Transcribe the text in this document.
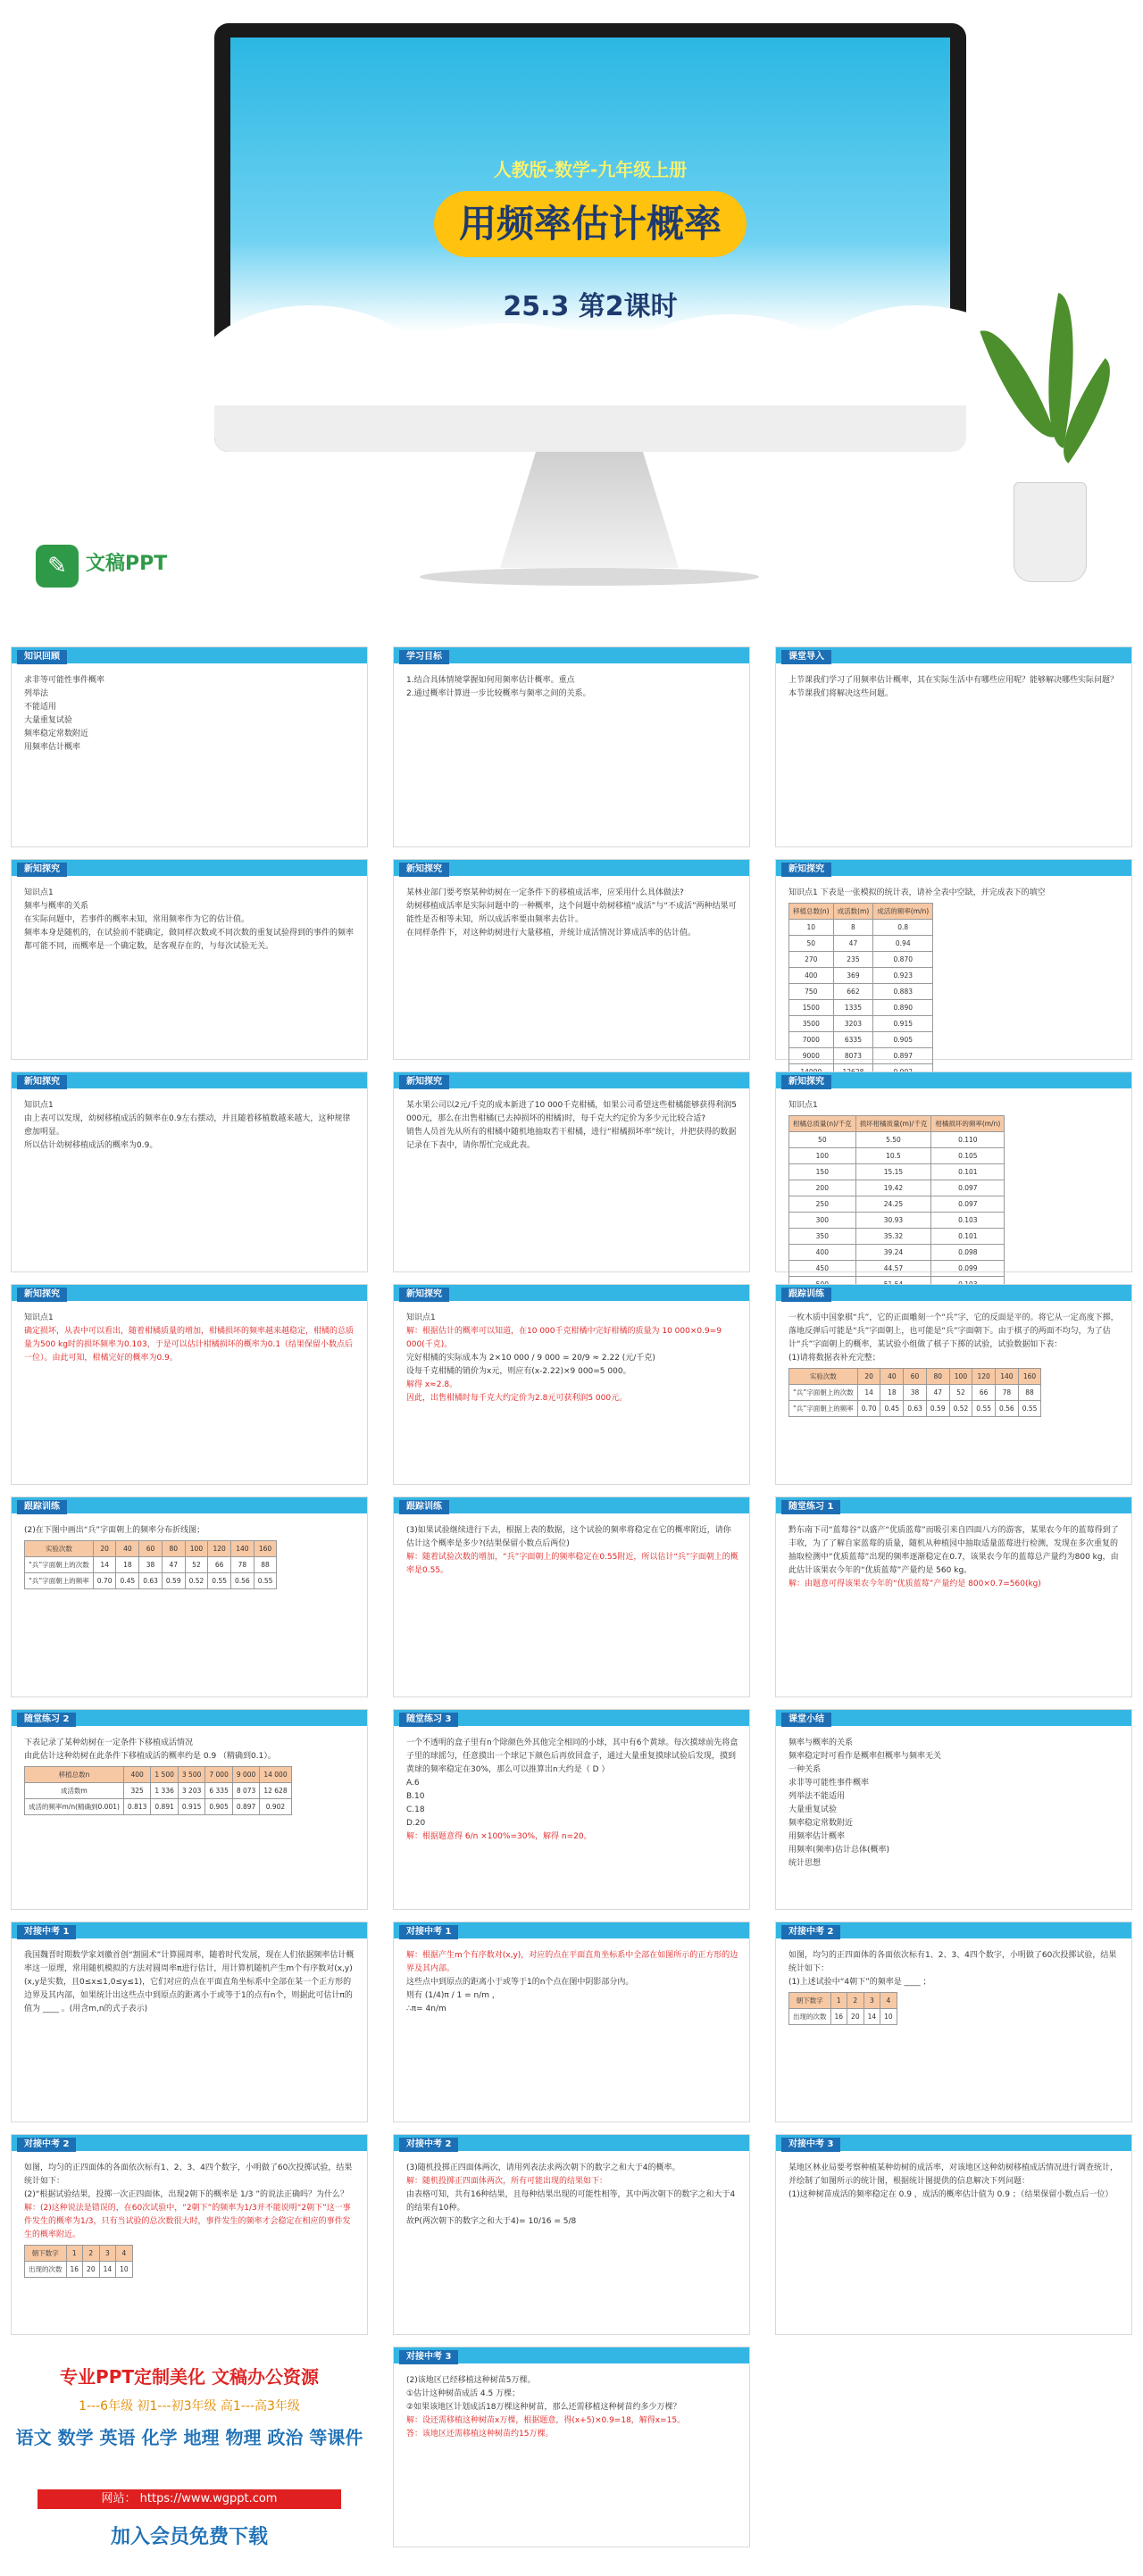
人教版-数学-九年级上册
用频率估计概率
25.3 第2课时
✎ 文稿PPT
知识回顾
求非等可能性事件概率
列举法
不能适用
大量重复试验
频率稳定常数附近
用频率估计概率
学习目标
1.结合具体情境掌握如何用频率估计概率。重点
2.通过概率计算进一步比较概率与频率之间的关系。
课堂导入
上节课我们学习了用频率估计概率，其在实际生活中有哪些应用呢？能够解决哪些实际问题？本节课我们将解决这些问题。
新知探究
知识点1
频率与概率的关系
在实际问题中，若事件的概率未知，常用频率作为它的估计值。
频率本身是随机的，在试验前不能确定，做同样次数或不同次数的重复试验得到的事件的频率都可能不同，而概率是一个确定数，是客观存在的，与每次试验无关。
新知探究
某林业部门要考察某种幼树在一定条件下的移植成活率，应采用什么具体做法?
幼树移植成活率是实际问题中的一种概率，这个问题中幼树移植“成活”与“不成活”两种结果可能性是否相等未知，所以成活率要由频率去估计。
在同样条件下，对这种幼树进行大量移植，并统计成活情况计算成活率的估计值。
新知探究
知识点1 下表是一张模拟的统计表，请补全表中空缺，并完成表下的填空
移植总数(n)	成活数(m)	成活的频率(m/n)
10	8	0.8
50	47	0.94
270	235	0.870
400	369	0.923
750	662	0.883
1500	1335	0.890
3500	3203	0.915
7000	6335	0.905
9000	8073	0.897

新知探究
知识点1
由上表可以发现，幼树移植成活的频率在0.9左右摆动，并且随着移植数越来越大，这种规律愈加明显。
所以估计幼树移植成活的概率为0.9。
新知探究
某水果公司以2元/千克的成本新进了10 000千克柑橘，如果公司希望这些柑橘能够获得利润5 000元，那么在出售柑橘(已去掉损坏的柑橘)时，每千克大约定价为多少元比较合适?
销售人员首先从所有的柑橘中随机地抽取若干柑橘，进行“柑橘损坏率”统计，并把获得的数据记录在下表中，请你帮忙完成此表。
新知探究
知识点1
柑橘总质量(n)/千克	损坏柑橘质量(m)/千克	柑橘损坏的频率(m/n)
50	5.50	0.110
100	10.5	0.105
150	15.15	0.101
200	19.42	0.097
250	24.25	0.097
300	30.93	0.103
350	35.32	0.101
400	39.24	0.098
450	44.57	0.099

新知探究
知识点1
确定损坏，从表中可以看出，随着柑橘质量的增加，柑橘损坏的频率越来越稳定，柑橘的总质量为500 kg时的损坏频率为0.103，于是可以估计柑橘损坏的概率为0.1（结果保留小数点后一位）。由此可知，柑橘完好的概率为0.9。
新知探究
知识点1
解：根据估计的概率可以知道，在10 000千克柑橘中完好柑橘的质量为 10 000×0.9=9 000(千克)。
完好柑橘的实际成本为 2×10 000 / 9 000 = 20/9 ≈ 2.22 (元/千克)
设每千克柑橘的销价为x元，则应有(x-2.22)×9 000=5 000。
解得 x≈2.8。
因此，出售柑橘时每千克大约定价为2.8元可获利润5 000元。
跟踪训练
一枚木质中国象棋“兵”，它的正面雕刻一个“兵”字，它的反面是平的。将它从一定高度下掷，落地反弹后可能是“兵”字面朝上，也可能是“兵”字面朝下。由于棋子的两面不均匀，为了估计“兵”字面朝上的概率，某试验小组做了棋子下掷的试验，试验数据如下表：
(1)请将数据表补充完整；
实验次数	20	40	60	80	100	120	140	160
“兵”字面朝上的次数	14	18	38	47	52	66	78	88
“兵”字面朝上的频率	0.70	0.45	0.63	0.59	0.52	0.55	0.56	0.55
跟踪训练
(2)在下图中画出“兵”字面朝上的频率分布折线图；
实验次数	20	40	60	80	100	120	140	160
“兵”字面朝上的次数	14	18	38	47	52	66	78	88
“兵”字面朝上的频率	0.70	0.45	0.63	0.59	0.52	0.55	0.56	0.55
跟踪训练
(3)如果试验继续进行下去，根据上表的数据，这个试验的频率将稳定在它的概率附近，请你估计这个概率是多少?(结果保留小数点后两位)
解：随着试验次数的增加，“兵”字面朝上的频率稳定在0.55附近，所以估计“兵”字面朝上的概率是0.55。
随堂练习 1
黔东南下司“蓝莓谷”以盛产“优质蓝莓”而吸引来自四面八方的游客，某果农今年的蓝莓得到了丰收，为了了解自家蓝莓的质量，随机从种植园中抽取适量蓝莓进行检测，发现在多次重复的抽取检测中“优质蓝莓”出现的频率逐渐稳定在0.7，该果农今年的蓝莓总产量约为800 kg，由此估计该果农今年的“优质蓝莓”产量约是 560 kg。
解：由题意可得该果农今年的“优质蓝莓”产量约是 800×0.7=560(kg)
随堂练习 2
下表记录了某种幼树在一定条件下移植成活情况
由此估计这种幼树在此条件下移植成活的概率约是 0.9 （精确到0.1）。
移植总数n	400	1 500	3 500	7 000	9 000	14 000
成活数m	325	1 336	3 203	6 335	8 073	12 628
成活的频率m/n(精确到0.001)	0.813	0.891	0.915	0.905	0.897	0.902
随堂练习 3
一个不透明的盒子里有n个除颜色外其他完全相同的小球，其中有6个黄球。每次摸球前先将盒子里的球摇匀，任意摸出一个球记下颜色后再放回盒子，通过大量重复摸球试验后发现，摸到黄球的频率稳定在30%，那么可以推算出n大约是（ D ）
A.6
B.10
C.18
D.20
解：根据题意得 6/n ×100%=30%，解得 n=20。
课堂小结
频率与概率的关系
频率稳定时可看作是概率但概率与频率无关
一种关系
求非等可能性事件概率
列举法不能适用
大量重复试验
频率稳定常数附近
用频率估计概率
用频率(频率)估计总体(概率)
统计思想
对接中考 1
我国魏晋时期数学家刘徽首创“割圆术”计算圆周率，随着时代发展，现在人们依据频率估计概率这一原理，常用随机模拟的方法对圆周率π进行估计，用计算机随机产生m个有序数对(x,y)(x,y是实数，且0≤x≤1,0≤y≤1)，它们对应的点在平面直角坐标系中全部在某一个正方形的边界及其内部，如果统计出这些点中到原点的距离小于或等于1的点有n个，则据此可估计π的值为 ____ 。(用含m,n的式子表示)
对接中考 1
解：根据产生m个有序数对(x,y)，对应的点在平面直角坐标系中全部在如图所示的正方形的边界及其内部。
这些点中到原点的距离小于或等于1的n个点在图中阴影部分内。
则有 (1/4)π / 1 = n/m ，
∴π= 4n/m
对接中考 2
如图，均匀的正四面体的各面依次标有1、2、3、4四个数字，小明做了60次投掷试验，结果统计如下：
(1)上述试验中“4朝下”的频率是 ____ ；
朝下数字	1	2	3	4
出现的次数	16	20	14	10
对接中考 2
如图，均匀的正四面体的各面依次标有1、2、3、4四个数字，小明做了60次投掷试验，结果统计如下：
(2)“根据试验结果，投掷一次正四面体，出现2朝下的概率是 1/3 ”的说法正确吗？为什么？
解：(2)这种说法是错误的，在60次试验中，“2朝下”的频率为1/3并不能说明“2朝下”这一事件发生的概率为1/3，只有当试验的总次数很大时，事件发生的频率才会稳定在相应的事件发生的概率附近。
朝下数字	1	2	3	4
出现的次数	16	20	14	10
对接中考 2
(3)随机投掷正四面体两次，请用列表法求两次朝下的数字之和大于4的概率。
解：随机投掷正四面体两次，所有可能出现的结果如下：
由表格可知，共有16种结果，且每种结果出现的可能性相等，其中两次朝下的数字之和大于4的结果有10种。
故P(两次朝下的数字之和大于4)= 10/16 = 5/8
对接中考 3
某地区林业局要考察种植某种幼树的成活率，对该地区这种幼树移植成活情况进行调查统计，并绘制了如图所示的统计图，根据统计图提供的信息解决下列问题：
(1)这种树苗成活的频率稳定在 0.9 ，成活的概率估计值为 0.9 ；（结果保留小数点后一位）
对接中考 3
(2)该地区已经移植这种树苗5万棵。
①估计这种树苗成活 4.5 万棵；
②如果该地区计划成活18万棵这种树苗，那么还需移植这种树苗约多少万棵？
解：设还需移植这种树苗x万棵，根据题意，得(x+5)×0.9=18，解得x=15。
答：该地区还需移植这种树苗约15万棵。
专业PPT定制美化 文稿办公资源
1---6年级 初1---初3年级 高1---高3年级
语文 数学 英语 化学 地理 物理 政治 等课件
网站： https://www.wgppt.com
加入会员免费下载
